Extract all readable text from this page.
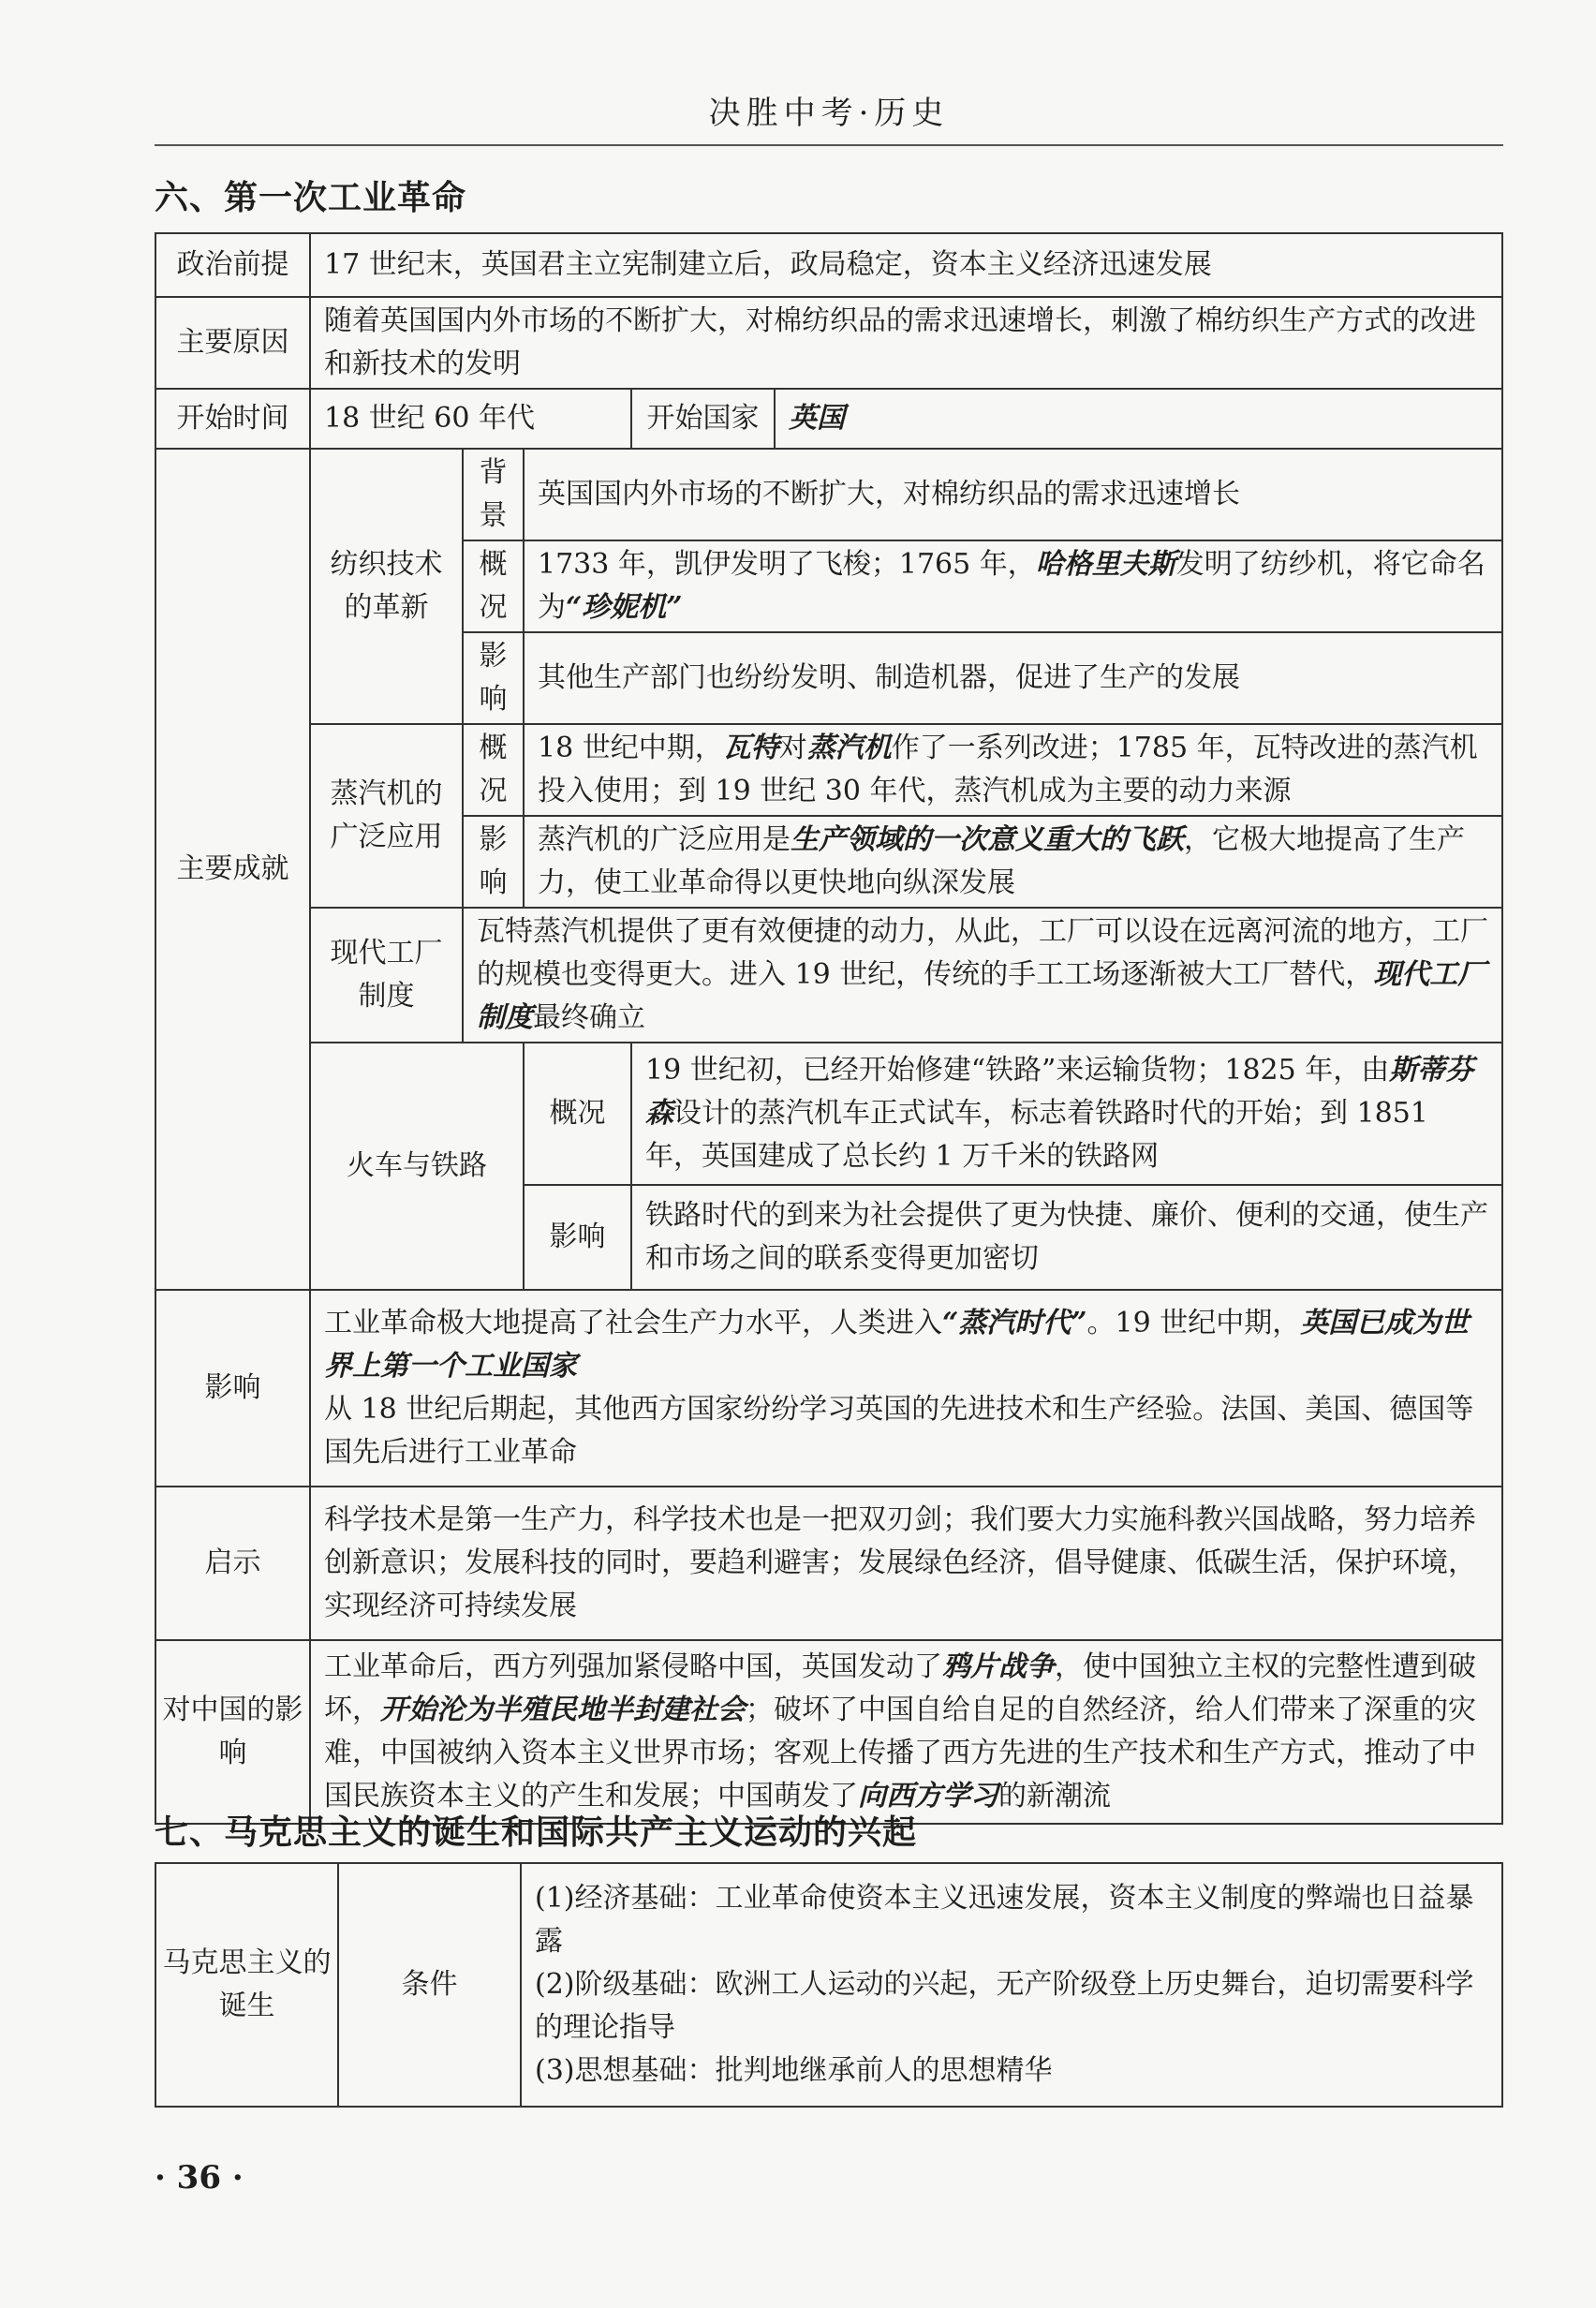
决胜中考·历史
六、第一次工业革命
政治前提	17 世纪末，英国君主立宪制建立后，政局稳定，资本主义经济迅速发展				
主要原因	随着英国国内外市场的不断扩大，对棉纺织品的需求迅速增长，刺激了棉纺织生产方式的改进和新技术的发明				
开始时间	18 世纪 60 年代			开始国家	英国
主要成就	纺织技术的革新	背景	英国国内外市场的不断扩大，对棉纺织品的需求迅速增长		
		概况	1733 年，凯伊发明了飞梭；1765 年，哈格里夫斯发明了纺纱机，将它命名为“珍妮机”		
		影响	其他生产部门也纷纷发明、制造机器，促进了生产的发展		
	蒸汽机的广泛应用	概况	18 世纪中期，瓦特对蒸汽机作了一系列改进；1785 年，瓦特改进的蒸汽机投入使用；到 19 世纪 30 年代，蒸汽机成为主要的动力来源		
		影响	蒸汽机的广泛应用是生产领域的一次意义重大的飞跃，它极大地提高了生产力，使工业革命得以更快地向纵深发展		
	现代工厂制度	瓦特蒸汽机提供了更有效便捷的动力，从此，工厂可以设在远离河流的地方，工厂的规模也变得更大。进入 19 世纪，传统的手工工场逐渐被大工厂替代，现代工厂制度最终确立			
	火车与铁路		概况	19 世纪初，已经开始修建“铁路”来运输货物；1825 年，由斯蒂芬森设计的蒸汽机车正式试车，标志着铁路时代的开始；到 1851 年，英国建成了总长约 1 万千米的铁路网	
			影响	铁路时代的到来为社会提供了更为快捷、廉价、便利的交通，使生产和市场之间的联系变得更加密切	

影响	工业革命极大地提高了社会生产力水平，人类进入“蒸汽时代”。19 世纪中期，英国已成为世界上第一个工业国家
从 18 世纪后期起，其他西方国家纷纷学习英国的先进技术和生产经验。法国、美国、德国等国先后进行工业革命				
启示	科学技术是第一生产力，科学技术也是一把双刃剑；我们要大力实施科教兴国战略，努力培养创新意识；发展科技的同时，要趋利避害；发展绿色经济，倡导健康、低碳生活，保护环境，实现经济可持续发展				
对中国的影响	工业革命后，西方列强加紧侵略中国，英国发动了鸦片战争，使中国独立主权的完整性遭到破坏，开始沦为半殖民地半封建社会；破坏了中国自给自足的自然经济，给人们带来了深重的灾难，中国被纳入资本主义世界市场；客观上传播了西方先进的生产技术和生产方式，推动了中国民族资本主义的产生和发展；中国萌发了向西方学习的新潮流				
七、马克思主义的诞生和国际共产主义运动的兴起
马克思主义的诞生	条件	
(1)经济基础：工业革命使资本主义迅速发展，资本主义制度的弊端也日益暴露
(2)阶级基础：欧洲工人运动的兴起，无产阶级登上历史舞台，迫切需要科学的理论指导
(3)思想基础：批判地继承前人的思想精华
· 36 ·
